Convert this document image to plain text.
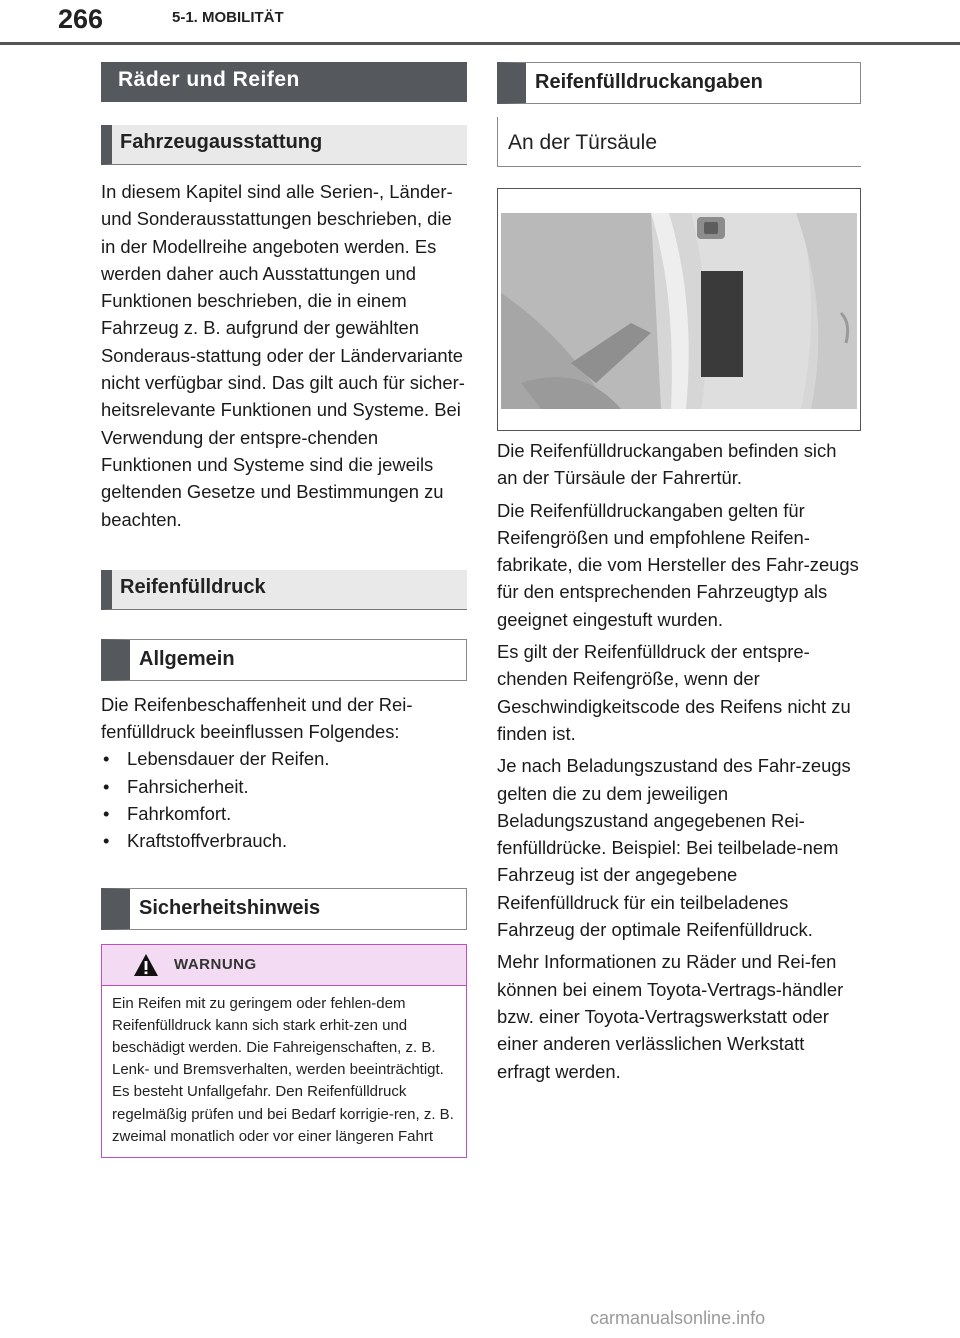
266	5-1. MOBILITÄT
Räder und Reifen
Fahrzeugausstattung

In diesem Kapitel sind alle Serien-, Länder- und Sonderausstattungen beschrieben, die in der Modellreihe angeboten werden. Es werden daher auch Ausstattungen und Funktionen beschrieben, die in einem Fahrzeug z. B. aufgrund der gewählten Sonderaus-stattung oder der Ländervariante nicht verfügbar sind. Das gilt auch für sicher-heitsrelevante Funktionen und Systeme. Bei Verwendung der entspre-chenden Funktionen und Systeme sind die jeweils geltenden Gesetze und Bestimmungen zu beachten.

Reifenfülldruck
Allgemein

Die Reifenbeschaffenheit und der Rei-fenfülldruck beeinflussen Folgendes:

• Lebensdauer der Reifen.
• Fahrsicherheit.
• Fahrkomfort.
• Kraftstoffverbrauch.
Sicherheitshinweis
WARNUNG
Ein Reifen mit zu geringem oder fehlen-dem Reifenfülldruck kann sich stark erhit-zen und beschädigt werden. Die Fahreigenschaften, z. B. Lenk- und Bremsverhalten, werden beeinträchtigt. Es besteht Unfallgefahr. Den Reifenfülldruck regelmäßig prüfen und bei Bedarf korrigie-ren, z. B. zweimal monatlich oder vor einer längeren Fahrt
Reifenfülldruckangaben
An der Türsäule

Die Reifenfülldruckangaben befinden sich an der Türsäule der Fahrertür.

Die Reifenfülldruckangaben gelten für Reifengrößen und empfohlene Reifen-fabrikate, die vom Hersteller des Fahr-zeugs für den entsprechenden Fahrzeugtyp als geeignet eingestuft wurden.

Es gilt der Reifenfülldruck der entspre-chenden Reifengröße, wenn der Geschwindigkeitscode des Reifens nicht zu finden ist.

Je nach Beladungszustand des Fahr-zeugs gelten die zu dem jeweiligen Beladungszustand angegebenen Rei-fenfülldrücke. Beispiel: Bei teilbelade-nem Fahrzeug ist der angegebene Reifenfülldruck für ein teilbeladenes Fahrzeug der optimale Reifenfülldruck.

Mehr Informationen zu Räder und Rei-fen können bei einem Toyota-Vertrags-händler bzw. einer Toyota-Vertragswerkstatt oder einer anderen verlässlichen Werkstatt erfragt werden.

carmanualsonline.info
